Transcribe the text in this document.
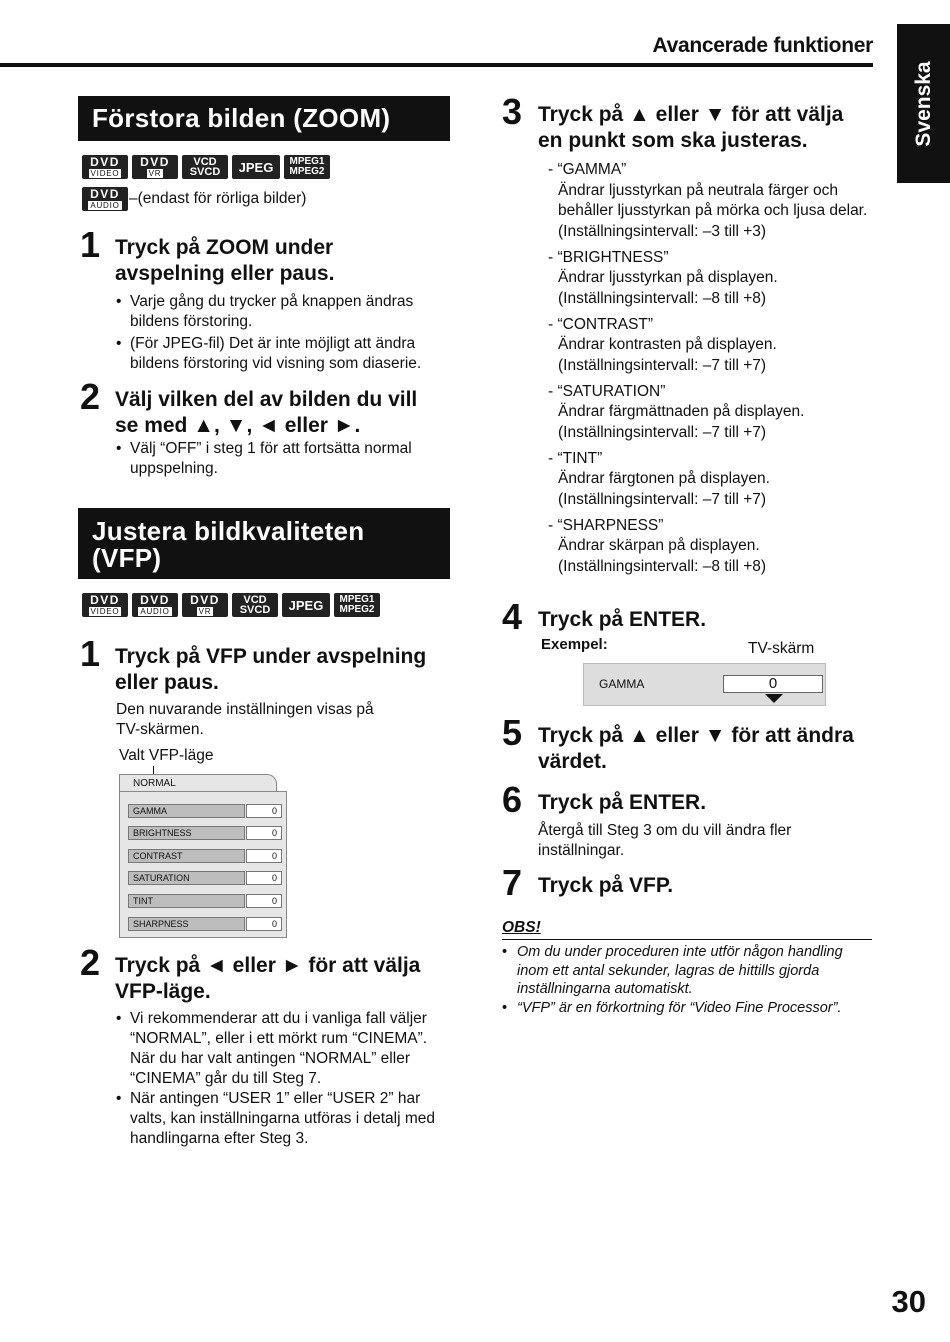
Avancerade funktioner
Svenska
Förstora bilden (ZOOM)
DVD
VIDEO
DVD
VR
VCD
SVCD JPEG MPEG1
MPEG2
DVD
AUDIO –(endast för rörliga bilder)
1 Tryck på ZOOM under
avspelning eller paus.
• Varje gång du trycker på knappen ändras bildens förstoring.
• (För JPEG-fil) Det är inte möjligt att ändra bildens förstoring vid visning som diaserie.
2 Välj vilken del av bilden du vill
se med ▲, ▼, ◄ eller ►.
• Välj “OFF” i steg 1 för att fortsätta normal uppspelning.
Justera bildkvaliteten
(VFP)
DVD
VIDEO
DVD
AUDIO
DVD
VR
VCD
SVCD JPEG MPEG1
MPEG2
1 Tryck på VFP under avspelning
eller paus.
Den nuvarande inställningen visas på
TV-skärmen.
Valt VFP-läge
NORMAL
GAMMA	0
BRIGHTNESS	0
CONTRAST	0
SATURATION	0
TINT	0
SHARPNESS	0
2 Tryck på ◄ eller ► för att välja
VFP-läge.
• Vi rekommenderar att du i vanliga fall väljer “NORMAL”, eller i ett mörkt rum “CINEMA”. När du har valt antingen “NORMAL” eller “CINEMA” går du till Steg 7.
• När antingen “USER 1” eller “USER 2” har valts, kan inställningarna utföras i detalj med handlingarna efter Steg 3.
3 Tryck på ▲ eller ▼ för att välja
en punkt som ska justeras.
- “GAMMA”
Ändrar ljusstyrkan på neutrala färger och behåller ljusstyrkan på mörka och ljusa delar.
(Inställningsintervall: –3 till +3)
- “BRIGHTNESS”
Ändrar ljusstyrkan på displayen.
(Inställningsintervall: –8 till +8)
- “CONTRAST”
Ändrar kontrasten på displayen.
(Inställningsintervall: –7 till +7)
- “SATURATION”
Ändrar färgmättnaden på displayen.
(Inställningsintervall: –7 till +7)
- “TINT”
Ändrar färgtonen på displayen.
(Inställningsintervall: –7 till +7)
- “SHARPNESS”
Ändrar skärpan på displayen.
(Inställningsintervall: –8 till +8)
4 Tryck på ENTER.
Exempel:	TV-skärm
GAMMA	0
5 Tryck på ▲ eller ▼ för att ändra
värdet.
6 Tryck på ENTER.
Återgå till Steg 3 om du vill ändra fler
inställningar.
7 Tryck på VFP.
OBS!
• Om du under proceduren inte utför någon handling inom ett antal sekunder, lagras de hittills gjorda inställningarna automatiskt.
• “VFP” är en förkortning för “Video Fine Processor”.
30
